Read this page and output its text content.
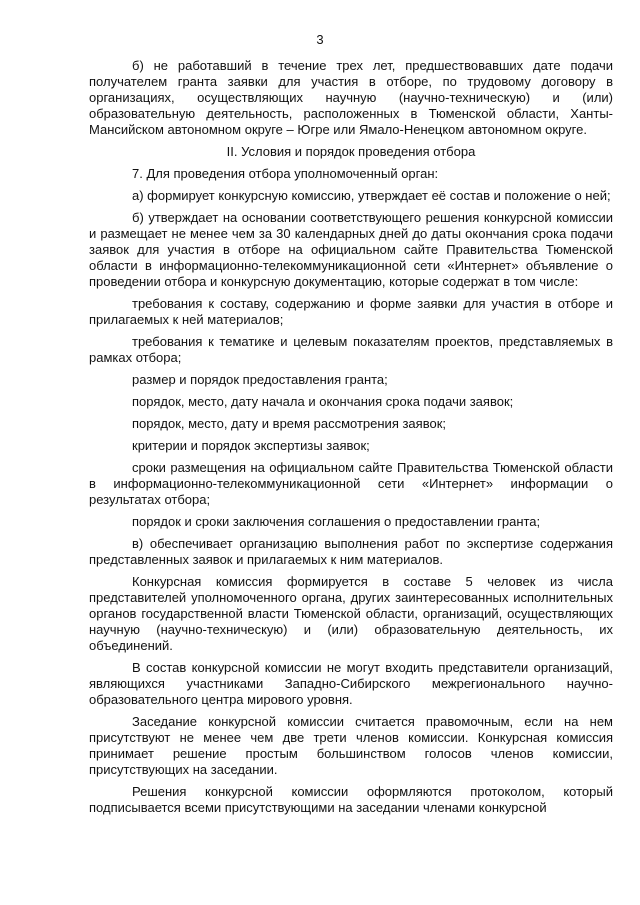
3

б) не работавший в течение трех лет, предшествовавших дате подачи получателем гранта заявки для участия в отборе, по трудовому договору в организациях, осуществляющих научную (научно-техническую) и (или) образовательную деятельность, расположенных в Тюменской области, Ханты-Мансийском автономном округе – Югре или Ямало-Ненецком автономном округе.

II. Условия и порядок проведения отбора

7. Для проведения отбора уполномоченный орган:

а) формирует конкурсную комиссию, утверждает её состав и положение о ней;

б) утверждает на основании соответствующего решения конкурсной комиссии и размещает не менее чем за 30 календарных дней до даты окончания срока подачи заявок для участия в отборе на официальном сайте Правительства Тюменской области в информационно-телекоммуникационной сети «Интернет» объявление о проведении отбора и конкурсную документацию, которые содержат в том числе:

требования к составу, содержанию и форме заявки для участия в отборе и прилагаемых к ней материалов;

требования к тематике и целевым показателям проектов, представляемых в рамках отбора;

размер и порядок предоставления гранта;

порядок, место, дату начала и окончания срока подачи заявок;

порядок, место, дату и время рассмотрения заявок;

критерии и порядок экспертизы заявок;

сроки размещения на официальном сайте Правительства Тюменской области в информационно-телекоммуникационной сети «Интернет» информации о результатах отбора;

порядок и сроки заключения соглашения о предоставлении гранта;

в) обеспечивает организацию выполнения работ по экспертизе содержания представленных заявок и прилагаемых к ним материалов.

Конкурсная комиссия формируется в составе 5 человек из числа представителей уполномоченного органа, других заинтересованных исполнительных органов государственной власти Тюменской области, организаций, осуществляющих научную (научно-техническую) и (или) образовательную деятельность, их объединений.

В состав конкурсной комиссии не могут входить представители организаций, являющихся участниками Западно-Сибирского межрегионального научно-образовательного центра мирового уровня.

Заседание конкурсной комиссии считается правомочным, если на нем присутствуют не менее чем две трети членов комиссии. Конкурсная комиссия принимает решение простым большинством голосов членов комиссии, присутствующих на заседании.

Решения конкурсной комиссии оформляются протоколом, который подписывается всеми присутствующими на заседании членами конкурсной
